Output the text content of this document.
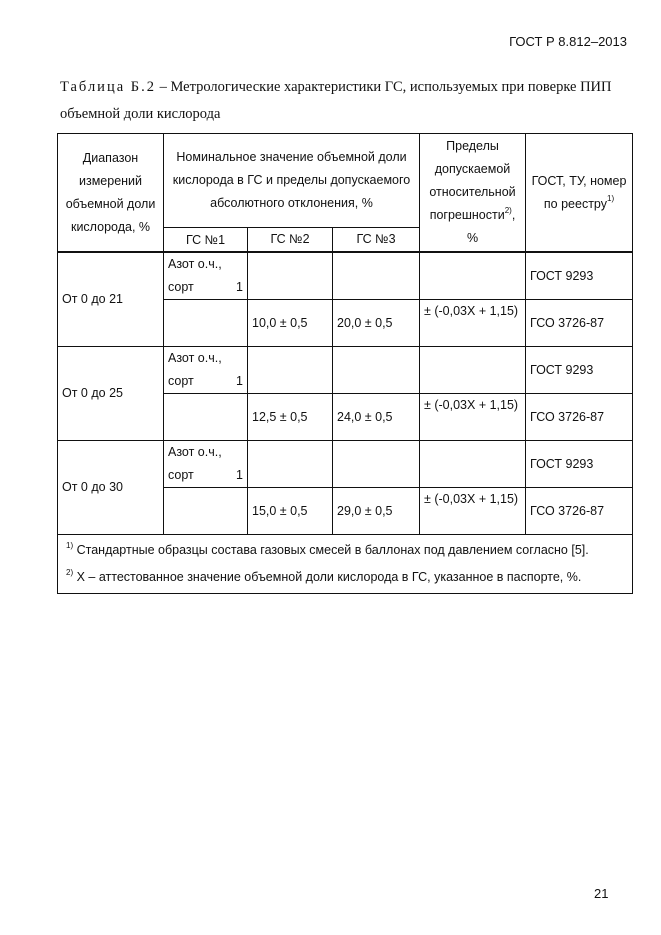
ГОСТ Р 8.812–2013
Таблица Б.2 – Метрологические характеристики ГС, используемых при поверке ПИП объемной доли кислорода
Диапазон измерений объемной доли кислорода, %	Номинальное значение объемной доли кислорода в ГС и пределы допускаемого абсолютного отклонения, %			Пределы допускаемой относительной погрешности$^{2)}$, %	ГОСТ, ТУ, номер по реестру$^{1)}$
	ГС №1	ГС №2	ГС №3		
От 0 до 21	Азот о.ч., сорт 1				ГОСТ 9293
		10,0 ± 0,5	20,0 ± 0,5	± (-0,03X + 1,15)	ГСО 3726-87
От 0 до 25	Азот о.ч., сорт 1				ГОСТ 9293
		12,5 ± 0,5	24,0 ± 0,5	± (-0,03X + 1,15)	ГСО 3726-87
От 0 до 30	Азот о.ч., сорт 1				ГОСТ 9293
		15,0 ± 0,5	29,0 ± 0,5	± (-0,03X + 1,15)	ГСО 3726-87

$^{1)}$ Стандартные образцы состава газовых смесей в баллонах под давлением согласно [5].
$^{2)}$ X – аттестованное значение объемной доли кислорода в ГС, указанное в паспорте, %.					
21
